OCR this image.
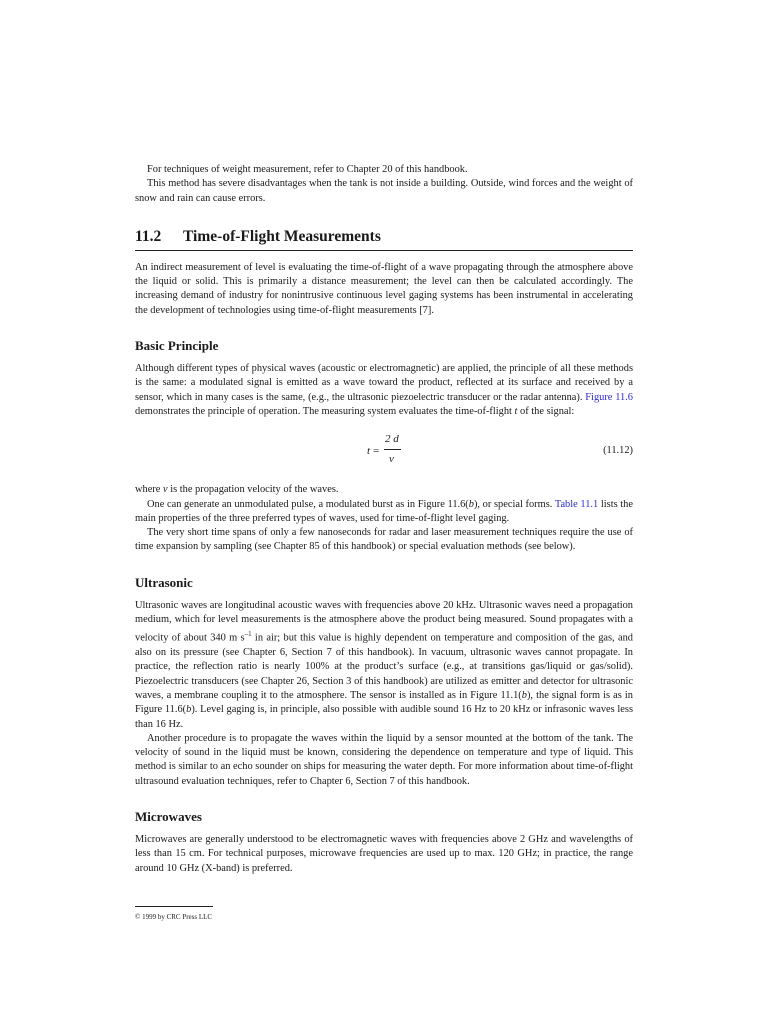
For techniques of weight measurement, refer to Chapter 20 of this handbook.

This method has severe disadvantages when the tank is not inside a building. Outside, wind forces and the weight of snow and rain can cause errors.

11.2	Time-of-Flight Measurements

An indirect measurement of level is evaluating the time-of-flight of a wave propagating through the atmosphere above the liquid or solid. This is primarily a distance measurement; the level can then be calculated accordingly. The increasing demand of industry for nonintrusive continuous level gaging systems has been instrumental in accelerating the development of technologies using time-of-flight measurements [7].

Basic Principle

Although different types of physical waves (acoustic or electromagnetic) are applied, the principle of all these methods is the same: a modulated signal is emitted as a wave toward the product, reflected at its surface and received by a sensor, which in many cases is the same, (e.g., the ultrasonic piezoelectric transducer or the radar antenna). Figure 11.6 demonstrates the principle of operation. The measuring system evaluates the time-of-flight t of the signal:

t =
2 d
v
(11.12)

where v is the propagation velocity of the waves.

One can generate an unmodulated pulse, a modulated burst as in Figure 11.6(b), or special forms. Table 11.1 lists the main properties of the three preferred types of waves, used for time-of-flight level gaging.

The very short time spans of only a few nanoseconds for radar and laser measurement techniques require the use of time expansion by sampling (see Chapter 85 of this handbook) or special evaluation methods (see below).

Ultrasonic

Ultrasonic waves are longitudinal acoustic waves with frequencies above 20 kHz. Ultrasonic waves need a propagation medium, which for level measurements is the atmosphere above the product being measured. Sound propagates with a velocity of about 340 m $s^{-1}$ in air; but this value is highly dependent on temperature and composition of the gas, and also on its pressure (see Chapter 6, Section 7 of this handbook). In vacuum, ultrasonic waves cannot propagate. In practice, the reflection ratio is nearly 100% at the product’s surface (e.g., at transitions gas/liquid or gas/solid). Piezoelectric transducers (see Chapter 26, Section 3 of this handbook) are utilized as emitter and detector for ultrasonic waves, a membrane coupling it to the atmosphere. The sensor is installed as in Figure 11.1(b), the signal form is as in Figure 11.6(b). Level gaging is, in principle, also possible with audible sound 16 Hz to 20 kHz or infrasonic waves less than 16 Hz.

Another procedure is to propagate the waves within the liquid by a sensor mounted at the bottom of the tank. The velocity of sound in the liquid must be known, considering the dependence on temperature and type of liquid. This method is similar to an echo sounder on ships for measuring the water depth. For more information about time-of-flight ultrasound evaluation techniques, refer to Chapter 6, Section 7 of this handbook.

Microwaves

Microwaves are generally understood to be electromagnetic waves with frequencies above 2 GHz and wavelengths of less than 15 cm. For technical purposes, microwave frequencies are used up to max. 120 GHz; in practice, the range around 10 GHz (X-band) is preferred.

© 1999 by CRC Press LLC
